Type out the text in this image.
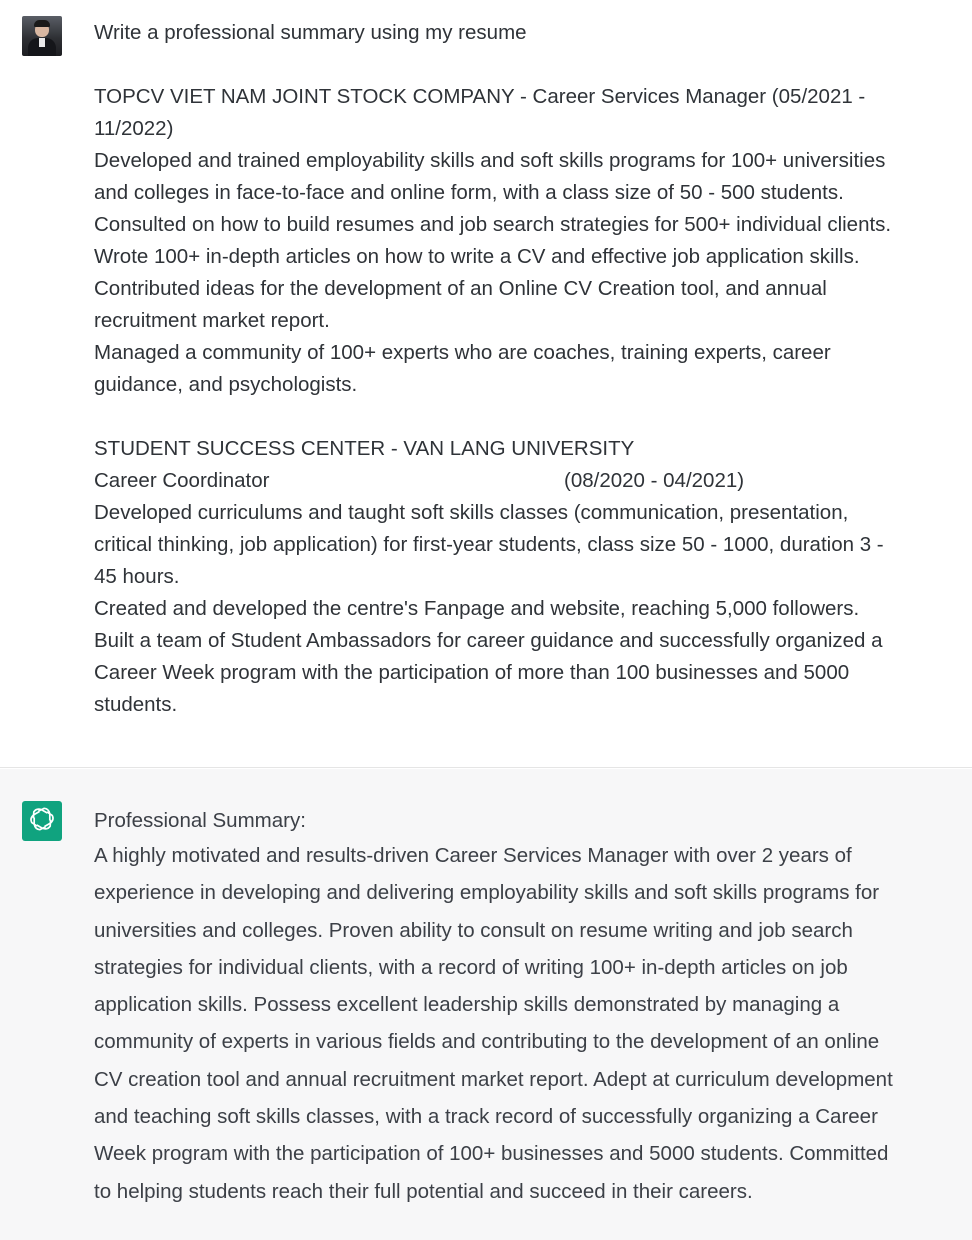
Write a professional summary using my resume

TOPCV VIET NAM JOINT STOCK COMPANY - Career Services Manager (05/2021 -

11/2022)

Developed and trained employability skills and soft skills programs for 100+ universities

and colleges in face-to-face and online form, with a class size of 50 - 500 students.

Consulted on how to build resumes and job search strategies for 500+ individual clients.

Wrote 100+ in-depth articles on how to write a CV and effective job application skills.

Contributed ideas for the development of an Online CV Creation tool, and annual

recruitment market report.

Managed a community of 100+ experts who are coaches, training experts, career

guidance, and psychologists.

STUDENT SUCCESS CENTER - VAN LANG UNIVERSITY

Career Coordinator	(08/2020 - 04/2021)

Developed curriculums and taught soft skills classes (communication, presentation,

critical thinking, job application) for first-year students, class size 50 - 1000, duration 3 -

45 hours.

Created and developed the centre's Fanpage and website, reaching 5,000 followers.

Built a team of Student Ambassadors for career guidance and successfully organized a

Career Week program with the participation of more than 100 businesses and 5000

students.

Professional Summary:

A highly motivated and results-driven Career Services Manager with over 2 years of

experience in developing and delivering employability skills and soft skills programs for

universities and colleges. Proven ability to consult on resume writing and job search

strategies for individual clients, with a record of writing 100+ in-depth articles on job

application skills. Possess excellent leadership skills demonstrated by managing a

community of experts in various fields and contributing to the development of an online

CV creation tool and annual recruitment market report. Adept at curriculum development

and teaching soft skills classes, with a track record of successfully organizing a Career

Week program with the participation of 100+ businesses and 5000 students. Committed

to helping students reach their full potential and succeed in their careers.
